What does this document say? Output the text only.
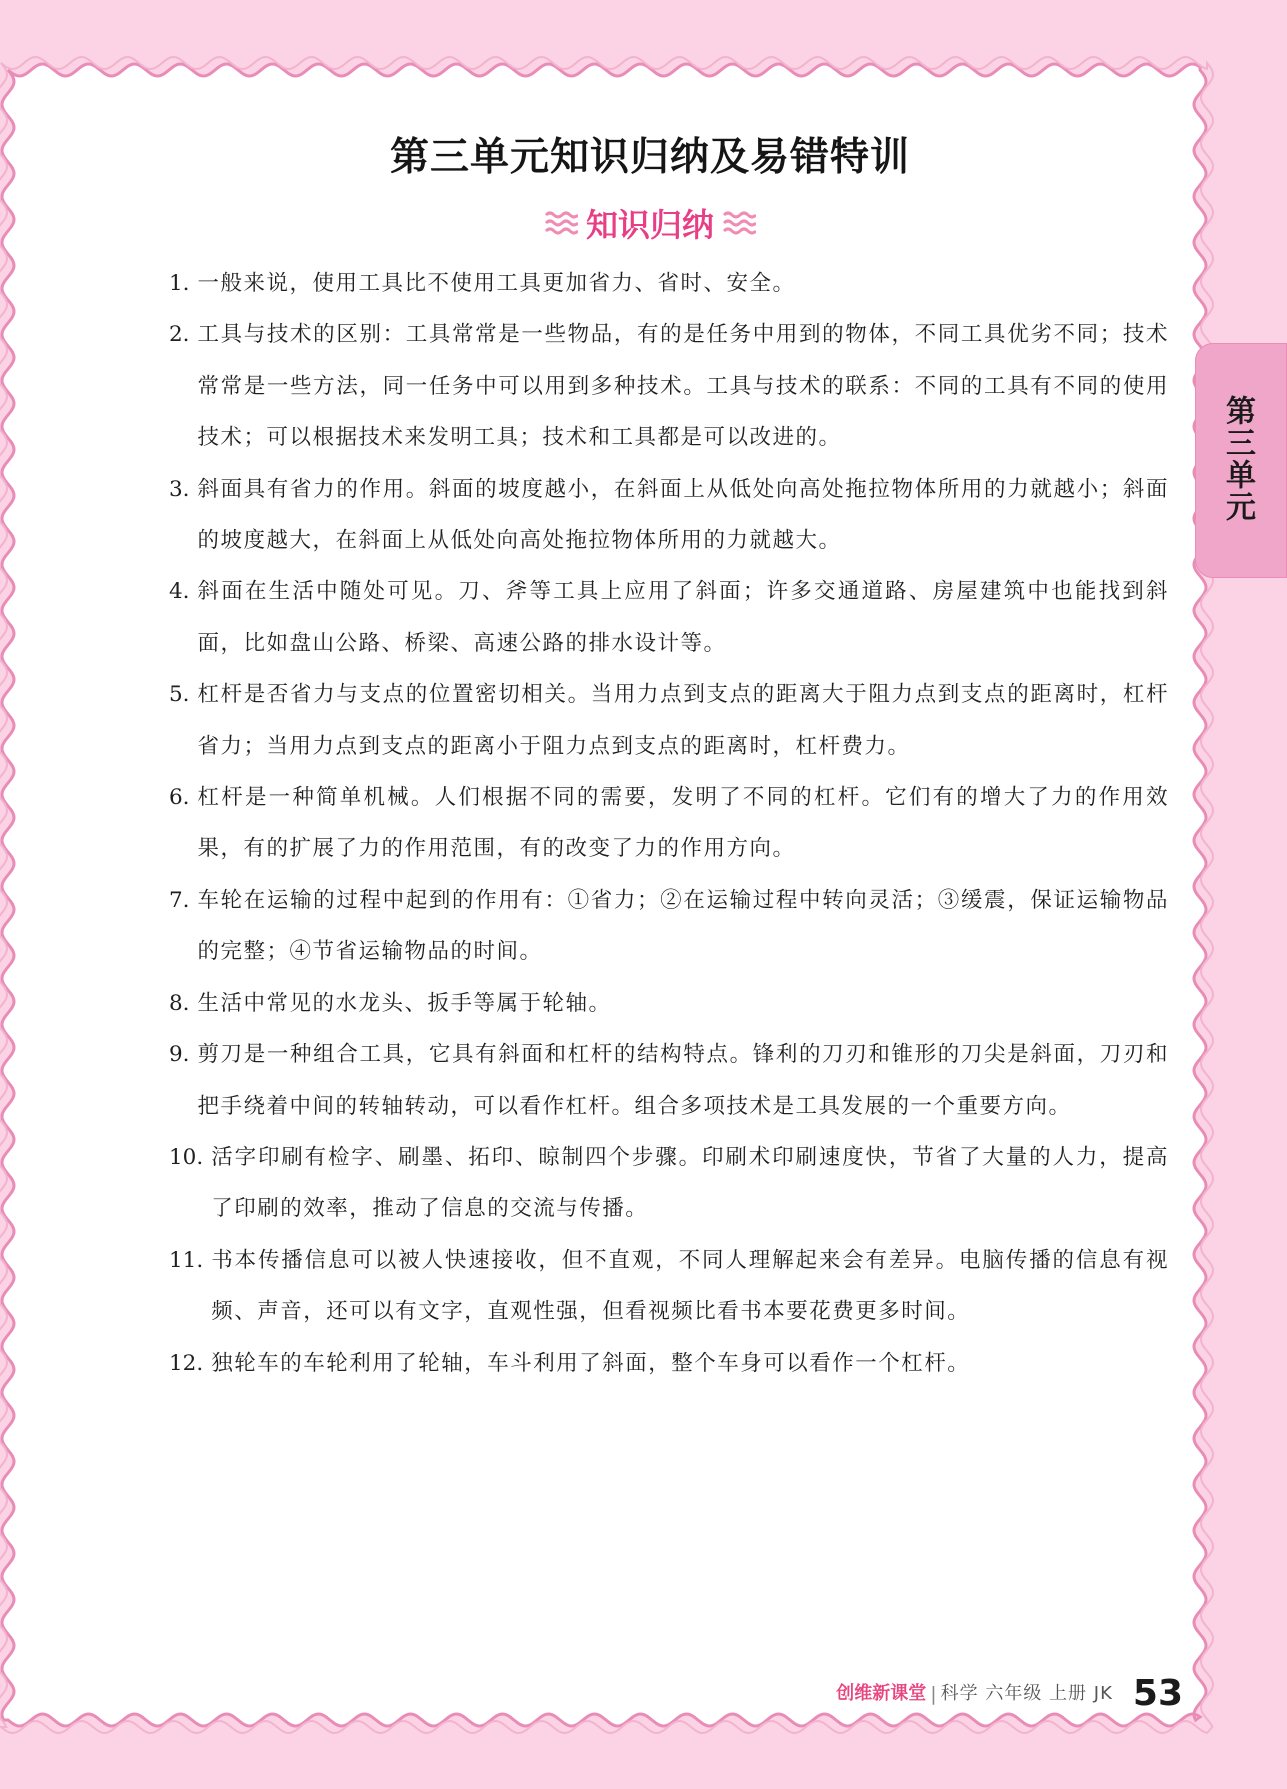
第三单元知识归纳及易错特训
知识归纳
1. 一般来说，使用工具比不使用工具更加省力、省时、安全。
2. 工具与技术的区别：工具常常是一些物品，有的是任务中用到的物体，不同工具优劣不同；技术常常是一些方法，同一任务中可以用到多种技术。工具与技术的联系：不同的工具有不同的使用技术；可以根据技术来发明工具；技术和工具都是可以改进的。
3. 斜面具有省力的作用。斜面的坡度越小，在斜面上从低处向高处拖拉物体所用的力就越小；斜面的坡度越大，在斜面上从低处向高处拖拉物体所用的力就越大。
4. 斜面在生活中随处可见。刀、斧等工具上应用了斜面；许多交通道路、房屋建筑中也能找到斜面，比如盘山公路、桥梁、高速公路的排水设计等。
5. 杠杆是否省力与支点的位置密切相关。当用力点到支点的距离大于阻力点到支点的距离时，杠杆省力；当用力点到支点的距离小于阻力点到支点的距离时，杠杆费力。
6. 杠杆是一种简单机械。人们根据不同的需要，发明了不同的杠杆。它们有的增大了力的作用效果，有的扩展了力的作用范围，有的改变了力的作用方向。
7. 车轮在运输的过程中起到的作用有：①省力；②在运输过程中转向灵活；③缓震，保证运输物品的完整；④节省运输物品的时间。
8. 生活中常见的水龙头、扳手等属于轮轴。
9. 剪刀是一种组合工具，它具有斜面和杠杆的结构特点。锋利的刀刃和锥形的刀尖是斜面，刀刃和把手绕着中间的转轴转动，可以看作杠杆。组合多项技术是工具发展的一个重要方向。
10. 活字印刷有检字、刷墨、拓印、晾制四个步骤。印刷术印刷速度快，节省了大量的人力，提高了印刷的效率，推动了信息的交流与传播。
11. 书本传播信息可以被人快速接收，但不直观，不同人理解起来会有差异。电脑传播的信息有视频、声音，还可以有文字，直观性强，但看视频比看书本要花费更多时间。
12. 独轮车的车轮利用了轮轴，车斗利用了斜面，整个车身可以看作一个杠杆。
第三单元
创维新课堂 | 科学 六年级 上册 JK 53
